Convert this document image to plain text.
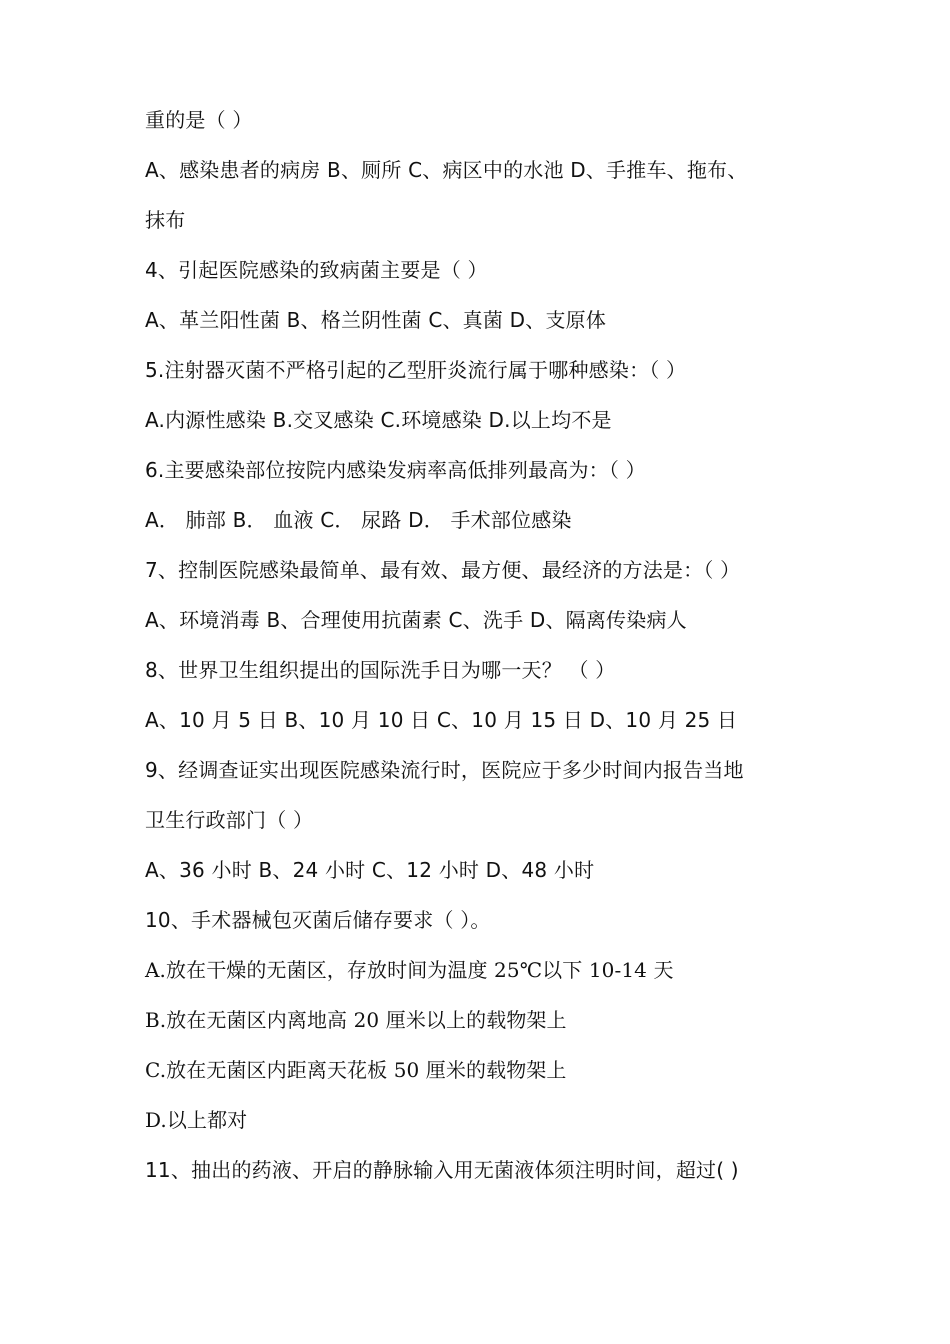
重的是（ ）
A、感染患者的病房 B、厕所 C、病区中的水池 D、手推车、拖布、
抹布
4、引起医院感染的致病菌主要是（ ）
A、革兰阳性菌 B、格兰阴性菌 C、真菌 D、支原体
5.注射器灭菌不严格引起的乙型肝炎流行属于哪种感染：（ ）
A.内源性感染 B.交叉感染 C.环境感染 D.以上均不是
6.主要感染部位按院内感染发病率高低排列最高为：（ ）
A． 肺部 B． 血液 C． 尿路 D． 手术部位感染
7、控制医院感染最简单、最有效、最方便、最经济的方法是：（ ）
A、环境消毒 B、合理使用抗菌素 C、洗手 D、隔离传染病人
8、世界卫生组织提出的国际洗手日为哪一天？ （ ）
A、10 月 5 日 B、10 月 10 日 C、10 月 15 日 D、10 月 25 日
9、经调查证实出现医院感染流行时，医院应于多少时间内报告当地
卫生行政部门（ ）
A、36 小时 B、24 小时 C、12 小时 D、48 小时
10、手术器械包灭菌后储存要求（ ）。
A.放在干燥的无菌区，存放时间为温度 25℃以下 10-14 天
B.放在无菌区内离地高 20 厘米以上的载物架上
C.放在无菌区内距离天花板 50 厘米的载物架上
D.以上都对
11、抽出的药液、开启的静脉输入用无菌液体须注明时间，超过( )
